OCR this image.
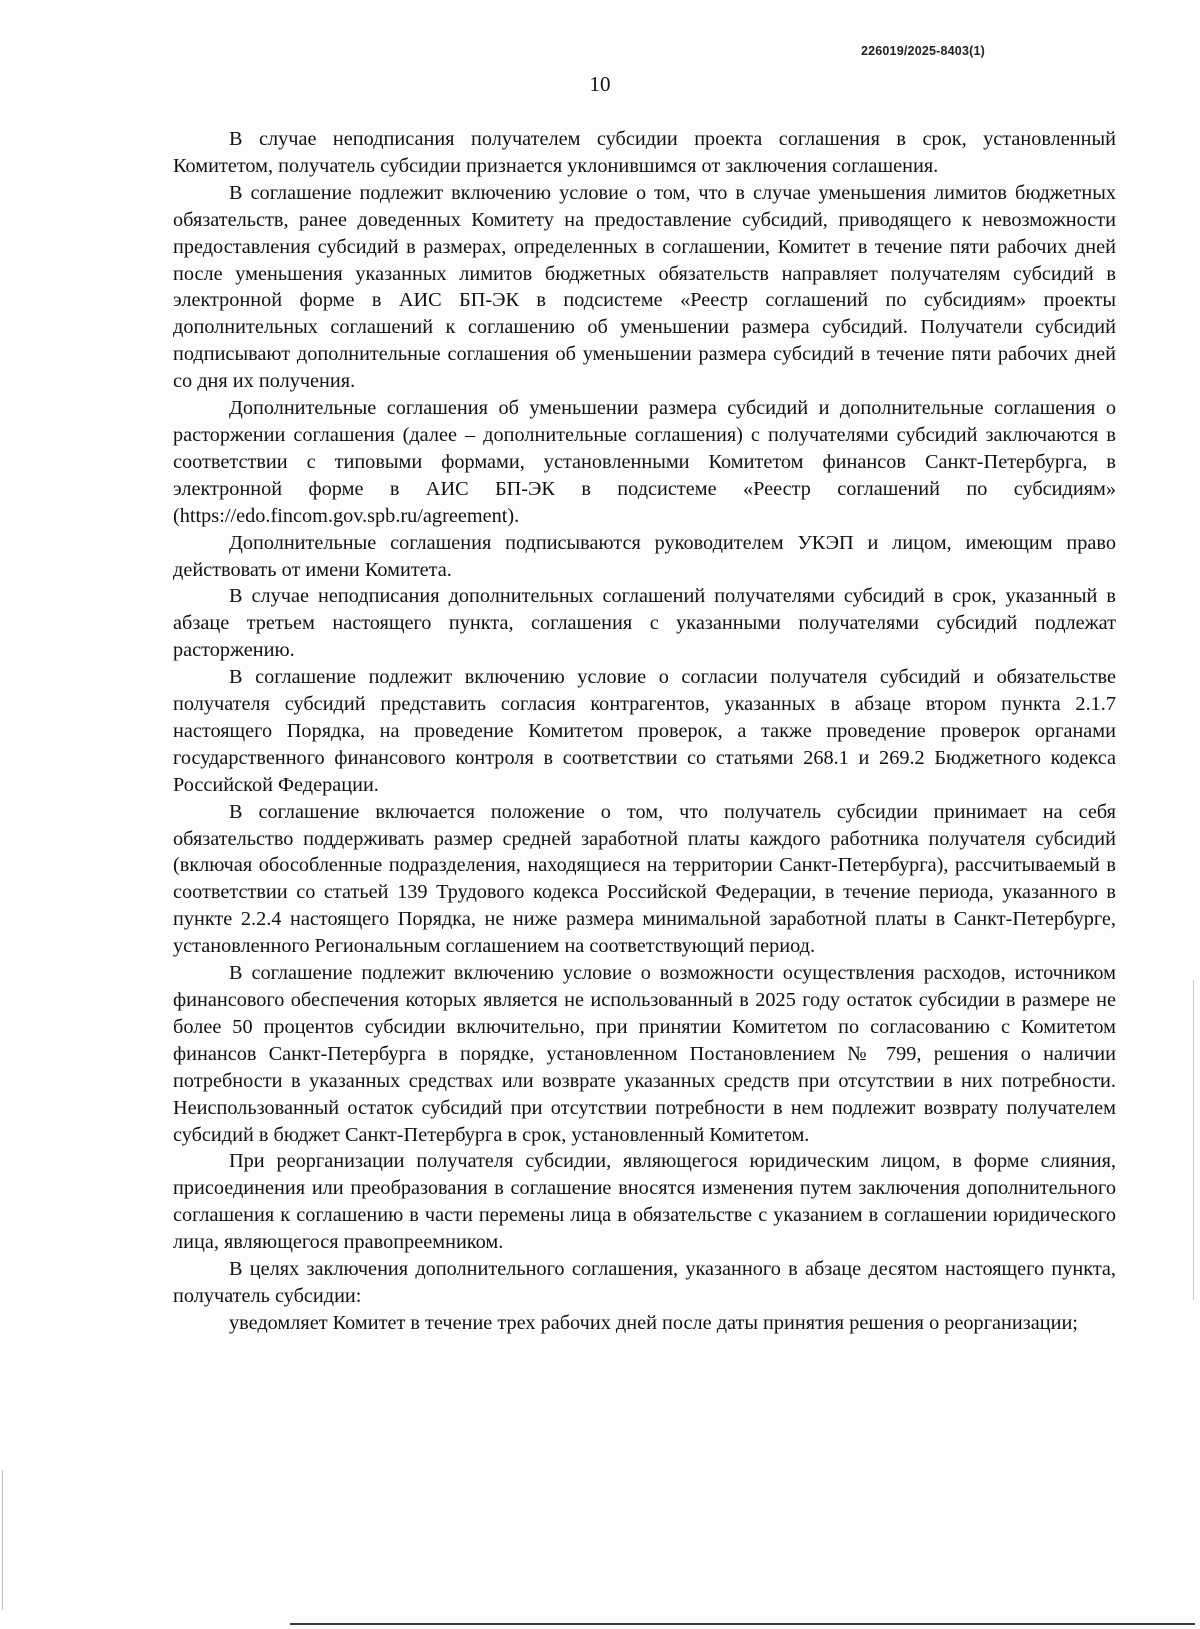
226019/2025-8403(1)
10

В случае неподписания получателем субсидии проекта соглашения в срок, установленный Комитетом, получатель субсидии признается уклонившимся от заключения соглашения.

В соглашение подлежит включению условие о том, что в случае уменьшения лимитов бюджетных обязательств, ранее доведенных Комитету на предоставление субсидий, приводящего к невозможности предоставления субсидий в размерах, определенных в соглашении, Комитет в течение пяти рабочих дней после уменьшения указанных лимитов бюджетных обязательств направляет получателям субсидий в электронной форме в АИС БП-ЭК в подсистеме «Реестр соглашений по субсидиям» проекты дополнительных соглашений к соглашению об уменьшении размера субсидий. Получатели субсидий подписывают дополнительные соглашения об уменьшении размера субсидий в течение пяти рабочих дней со дня их получения.

Дополнительные соглашения об уменьшении размера субсидий и дополнительные соглашения о расторжении соглашения (далее – дополнительные соглашения) с получателями субсидий заключаются в соответствии с типовыми формами, установленными Комитетом финансов Санкт-Петербурга, в электронной форме в АИС БП-ЭК в подсистеме «Реестр соглашений по субсидиям» (https://edo.fincom.gov.spb.ru/agreement).

Дополнительные соглашения подписываются руководителем УКЭП и лицом, имеющим право действовать от имени Комитета.

В случае неподписания дополнительных соглашений получателями субсидий в срок, указанный в абзаце третьем настоящего пункта, соглашения с указанными получателями субсидий подлежат расторжению.

В соглашение подлежит включению условие о согласии получателя субсидий и обязательстве получателя субсидий представить согласия контрагентов, указанных в абзаце втором пункта 2.1.7 настоящего Порядка, на проведение Комитетом проверок, а также проведение проверок органами государственного финансового контроля в соответствии со статьями 268.1 и 269.2 Бюджетного кодекса Российской Федерации.

В соглашение включается положение о том, что получатель субсидии принимает на себя обязательство поддерживать размер средней заработной платы каждого работника получателя субсидий (включая обособленные подразделения, находящиеся на территории Санкт-Петербурга), рассчитываемый в соответствии со статьей 139 Трудового кодекса Российской Федерации, в течение периода, указанного в пункте 2.2.4 настоящего Порядка, не ниже размера минимальной заработной платы в Санкт-Петербурге, установленного Региональным соглашением на соответствующий период.

В соглашение подлежит включению условие о возможности осуществления расходов, источником финансового обеспечения которых является не использованный в 2025 году остаток субсидии в размере не более 50 процентов субсидии включительно, при принятии Комитетом по согласованию с Комитетом финансов Санкт-Петербурга в порядке, установленном Постановлением № 799, решения о наличии потребности в указанных средствах или возврате указанных средств при отсутствии в них потребности. Неиспользованный остаток субсидий при отсутствии потребности в нем подлежит возврату получателем субсидий в бюджет Санкт-Петербурга в срок, установленный Комитетом.

При реорганизации получателя субсидии, являющегося юридическим лицом, в форме слияния, присоединения или преобразования в соглашение вносятся изменения путем заключения дополнительного соглашения к соглашению в части перемены лица в обязательстве с указанием в соглашении юридического лица, являющегося правопреемником.

В целях заключения дополнительного соглашения, указанного в абзаце десятом настоящего пункта, получатель субсидии:

уведомляет Комитет в течение трех рабочих дней после даты принятия решения о реорганизации;
